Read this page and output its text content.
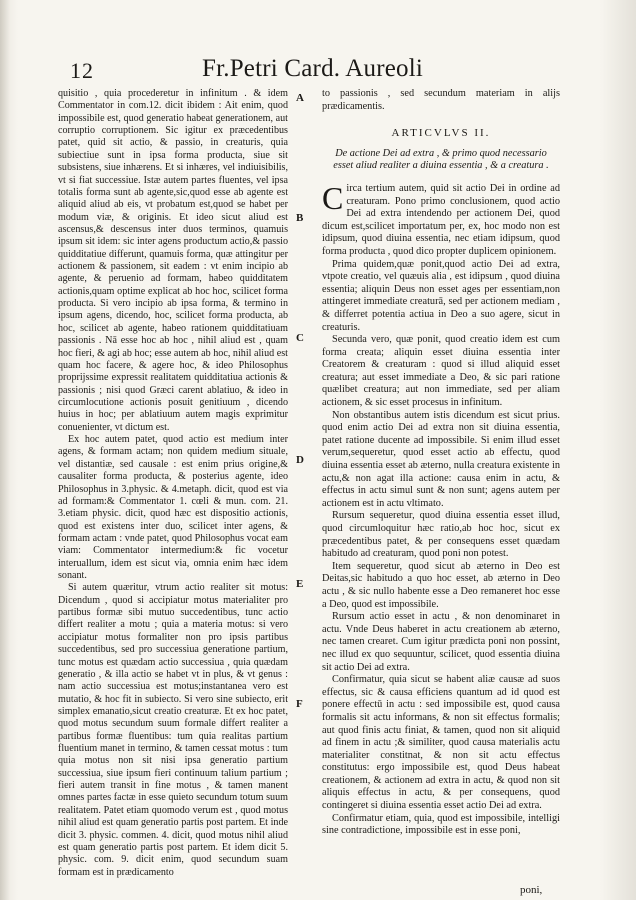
12	Fr.Petri Card. Aureoli

quisitio , quia procederetur in infinitum . & idem Commentator in com.12. dicit ibidem : Ait enim, quod impossibile est, quod generatio habeat generationem, aut corruptio corruptionem. Sic igitur ex præcedentibus patet, quid sit actio, & passio, in creaturis, quia subiectiue sunt in ipsa forma producta, siue sit subsistens, siue inhærens. Et si inhæres, vel indiuisibilis, vt si fiat successiue. Istæ autem partes fluentes, vel ipsa totalis forma sunt ab agente,sic,quod esse ab agente est aliquid aliud ab eis, vt probatum est,quod se habet per modum viæ, & originis. Et ideo sicut aliud est ascensus,& descensus inter duos terminos, quamuis ipsum sit idem: sic inter agens productum actio,& passio quidditatiue differunt, quamuis forma, quæ attingitur per actionem & passionem, sit eadem : vt enim incipio ab agente, & peruenio ad formam, habeo quidditatem actionis,quam optime explicat ab hoc hoc, scilicet forma producta. Si vero incipio ab ipsa forma, & termino in ipsum agens, dicendo, hoc, scilicet forma producta, ab hoc, scilicet ab agente, habeo rationem quidditatiuam passionis . Nā esse hoc ab hoc , nihil aliud est , quam hoc fieri, & agi ab hoc; esse autem ab hoc, nihil aliud est quam hoc facere, & agere hoc, & ideo Philosophus proprijssime expressit realitatem quidditatiua actionis & passionis ; nisi quod Græci carent ablatiuo, & ideo in circumlocutione actionis posuit genitiuum , dicendo huius in hoc; per ablatiuum autem magis exprimitur conuenienter, vt dictum est.

Ex hoc autem patet, quod actio est medium inter agens, & formam actam; non quidem medium situale, vel distantiæ, sed causale : est enim prius origine,& causaliter forma producta, & posterius agente, ideo Philosophus in 3.physic. & 4.metaph. dicit, quod est via ad formam:& Commentator 1. cœli & mun. com. 21. 3.etiam physic. dicit, quod hæc est dispositio actionis, quod est existens inter duo, scilicet inter agens, & formam actam : vnde patet, quod Philosophus vocat eam viam: Commentator intermedium:& fic vocetur interuallum, idem est sicut via, omnia enim hæc idem sonant.

Si autem quæritur, vtrum actio realiter sit motus: Dicendum , quod si accipiatur motus materialiter pro partibus formæ sibi mutuo succedentibus, tunc actio differt realiter a motu ; quia a materia motus: si vero accipiatur motus formaliter non pro ipsis partibus succedentibus, sed pro successiua generatione partium, tunc motus est quædam actio successiua , quia quædam generatio , & illa actio se habet vt in plus, & vt genus : nam actio successiua est motus;instantanea vero est mutatio, & hoc fit in subiecto. Si vero sine subiecto, erit simplex emanatio,sicut creatio creaturæ. Et ex hoc patet, quod motus secundum suum formale differt realiter a partibus formæ fluentibus: tum quia realitas partium fluentium manet in termino, & tamen cessat motus : tum quia motus non sit nisi ipsa generatio partium successiua, siue ipsum fieri continuum talium partium ; fieri autem transit in fine motus , & tamen manent omnes partes factæ in esse quieto secundum totum suum realitatem. Patet etiam quomodo verum est , quod motus nihil aliud est quam generatio partis post partem. Et inde dicit 3. physic. commen. 4. dicit, quod motus nihil aliud est quam generatio partis post partem. Et idem dicit 5. physic. com. 9. dicit enim, quod secundum suam formam est in prædicamento

A
B
C
D
E
F

to passionis , sed secundum materiam in alijs prædicamentis.

ARTICVLVS II.

De actione Dei ad extra , & primo quod necessario esset aliud realiter a diuina essentia , & a creatura .

Circa tertium autem, quid sit actio Dei in ordine ad creaturam. Pono primo conclusionem, quod actio Dei ad extra intendendo per actionem Dei, quod dicum est,scilicet importatum per, ex, hoc modo non est idipsum, quod diuina essentia, nec etiam idipsum, quod forma producta , quod dico propter duplicem opinionem.

Prima quidem,quæ ponit,quod actio Dei ad extra, vtpote creatio, vel quæuis alia , est idipsum , quod diuina essentia; aliquin Deus non esset ages per essentiam,non attingeret immediate creaturā, sed per actionem mediam , & differret potentia actiua in Deo a suo agere, sicut in creaturis.

Secunda vero, quæ ponit, quod creatio idem est cum forma creata; aliquin esset diuina essentia inter Creatorem & creaturam : quod si illud aliquid esset creatura; aut esset immediate a Deo, & sic pari ratione quælibet creatura; aut non immediate, sed per aliam actionem, & sic esset procesus in infinitum.

Non obstantibus autem istis dicendum est sicut prius. quod enim actio Dei ad extra non sit diuina essentia, patet ratione ducente ad impossibile. Si enim illud esset verum,sequeretur, quod esset actio ab effectu, quod diuina essentia esset ab æterno, nulla creatura existente in actu,& non agat illa actione: causa enim in actu, & effectus in actu simul sunt & non sunt; agens autem per actionem est in actu vltimato.

Rursum sequeretur, quod diuina essentia esset illud, quod circumloquitur hæc ratio,ab hoc hoc, sicut ex præcedentibus patet, & per consequens esset quædam habitudo ad creaturam, quod poni non potest.

Item sequeretur, quod sicut ab æterno in Deo est Deitas,sic habitudo a quo hoc esset, ab æterno in Deo actu , & sic nullo habente esse a Deo remaneret hoc esse a Deo, quod est impossibile.

Rursum actio esset in actu , & non denominaret in actu. Vnde Deus haberet in actu creationem ab æterno, nec tamen crearet. Cum igitur prædicta poni non possint, nec illud ex quo sequuntur, scilicet, quod essentia diuina sit actio Dei ad extra.

Confirmatur, quia sicut se habent aliæ causæ ad suos effectus, sic & causa efficiens quantum ad id quod est ponere effectū in actu : sed impossibile est, quod causa formalis sit actu informans, & non sit effectus formalis; aut quod finis actu finiat, & tamen, quod non sit aliquid ad finem in actu ;& similiter, quod causa materialis actu materialiter constitnat, & non sit actu effectus constitutus: ergo impossibile est, quod Deus habeat creationem, & actionem ad extra in actu, & quod non sit aliquis effectus in actu, & per consequens, quod contingeret si diuina essentia esset actio Dei ad extra.

Confirmatur etiam, quia, quod est impossibile, intelligi sine contradictione, impossibile est in esse poni,

poni,
